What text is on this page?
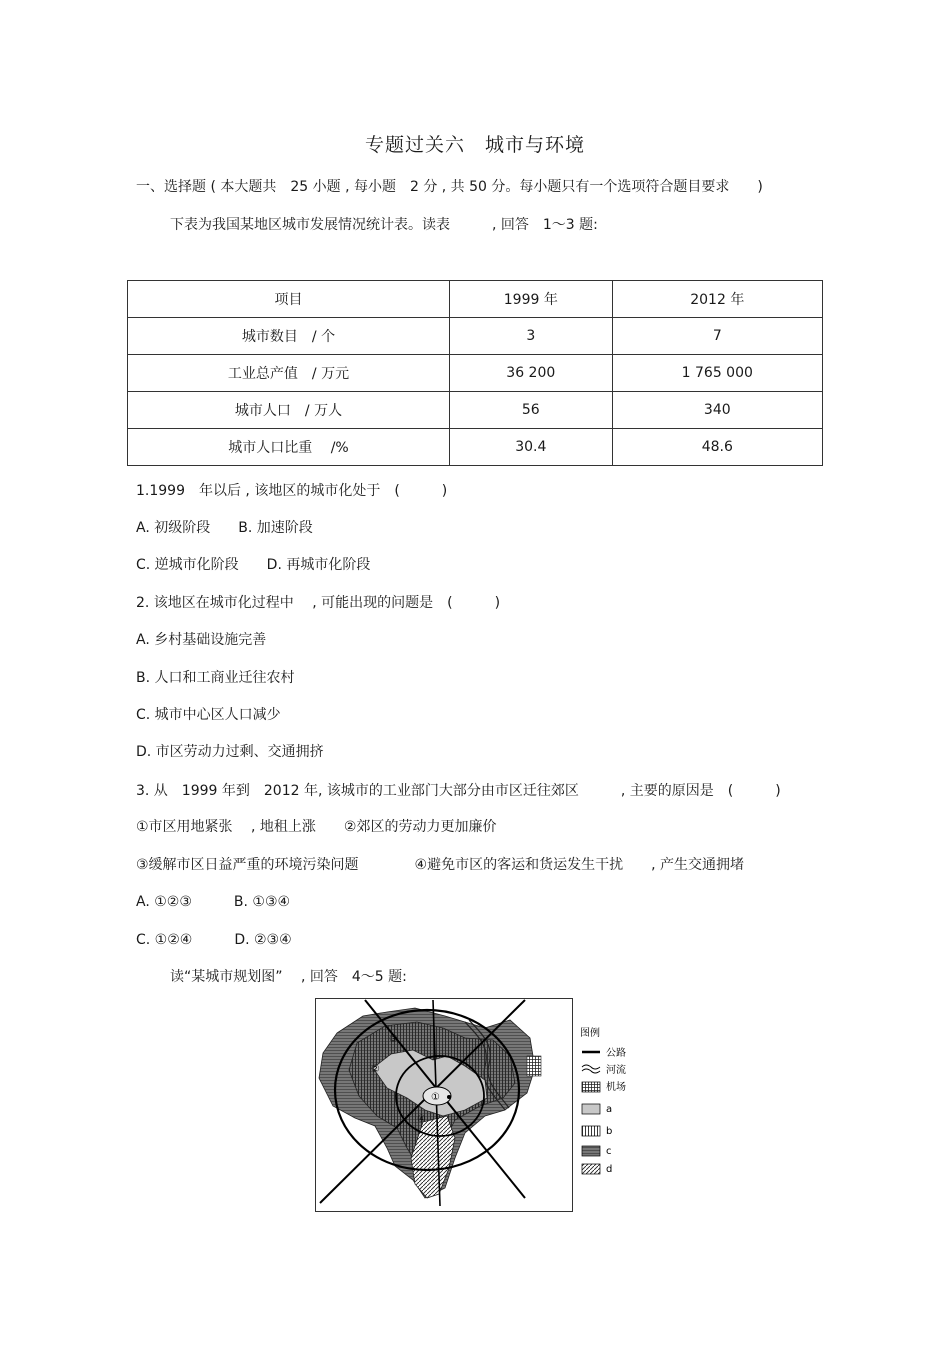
专题过关六　城市与环境
一、选择题 ( 本大题共　25 小题 , 每小题　2 分 , 共 50 分。每小题只有一个选项符合题目要求　　)
下表为我国某地区城市发展情况统计表。读表　　　, 回答　1～3 题:
项目	1999 年	2012 年
城市数目　/ 个	3	7
工业总产值　/ 万元	36 200	1 765 000
城市人口　/ 万人	56	340
城市人口比重　 /%	30.4	48.6
1.1999　年以后 , 该地区的城市化处于　(　　　)
A. 初级阶段　　B. 加速阶段
C. 逆城市化阶段　　D. 再城市化阶段
2. 该地区在城市化过程中　 , 可能出现的问题是　(　　　)
A. 乡村基础设施完善
B. 人口和工商业迁往农村
C. 城市中心区人口减少
D. 市区劳动力过剩、交通拥挤
3. 从　1999 年到　2012 年, 该城市的工业部门大部分由市区迁往郊区　　　, 主要的原因是　(　　　)
①市区用地紧张　 , 地租上涨　　②郊区的劳动力更加廉价
③缓解市区日益严重的环境污染问题　　　　④避免市区的客运和货运发生干扰　　, 产生交通拥堵
A. ①②③　　　B. ①③④
C. ①②④　　　D. ②③④
读“某城市规划图”　 , 回答　4～5 题:
①
②
③
④
图例
公路
河流
机场
a
b
c
d
